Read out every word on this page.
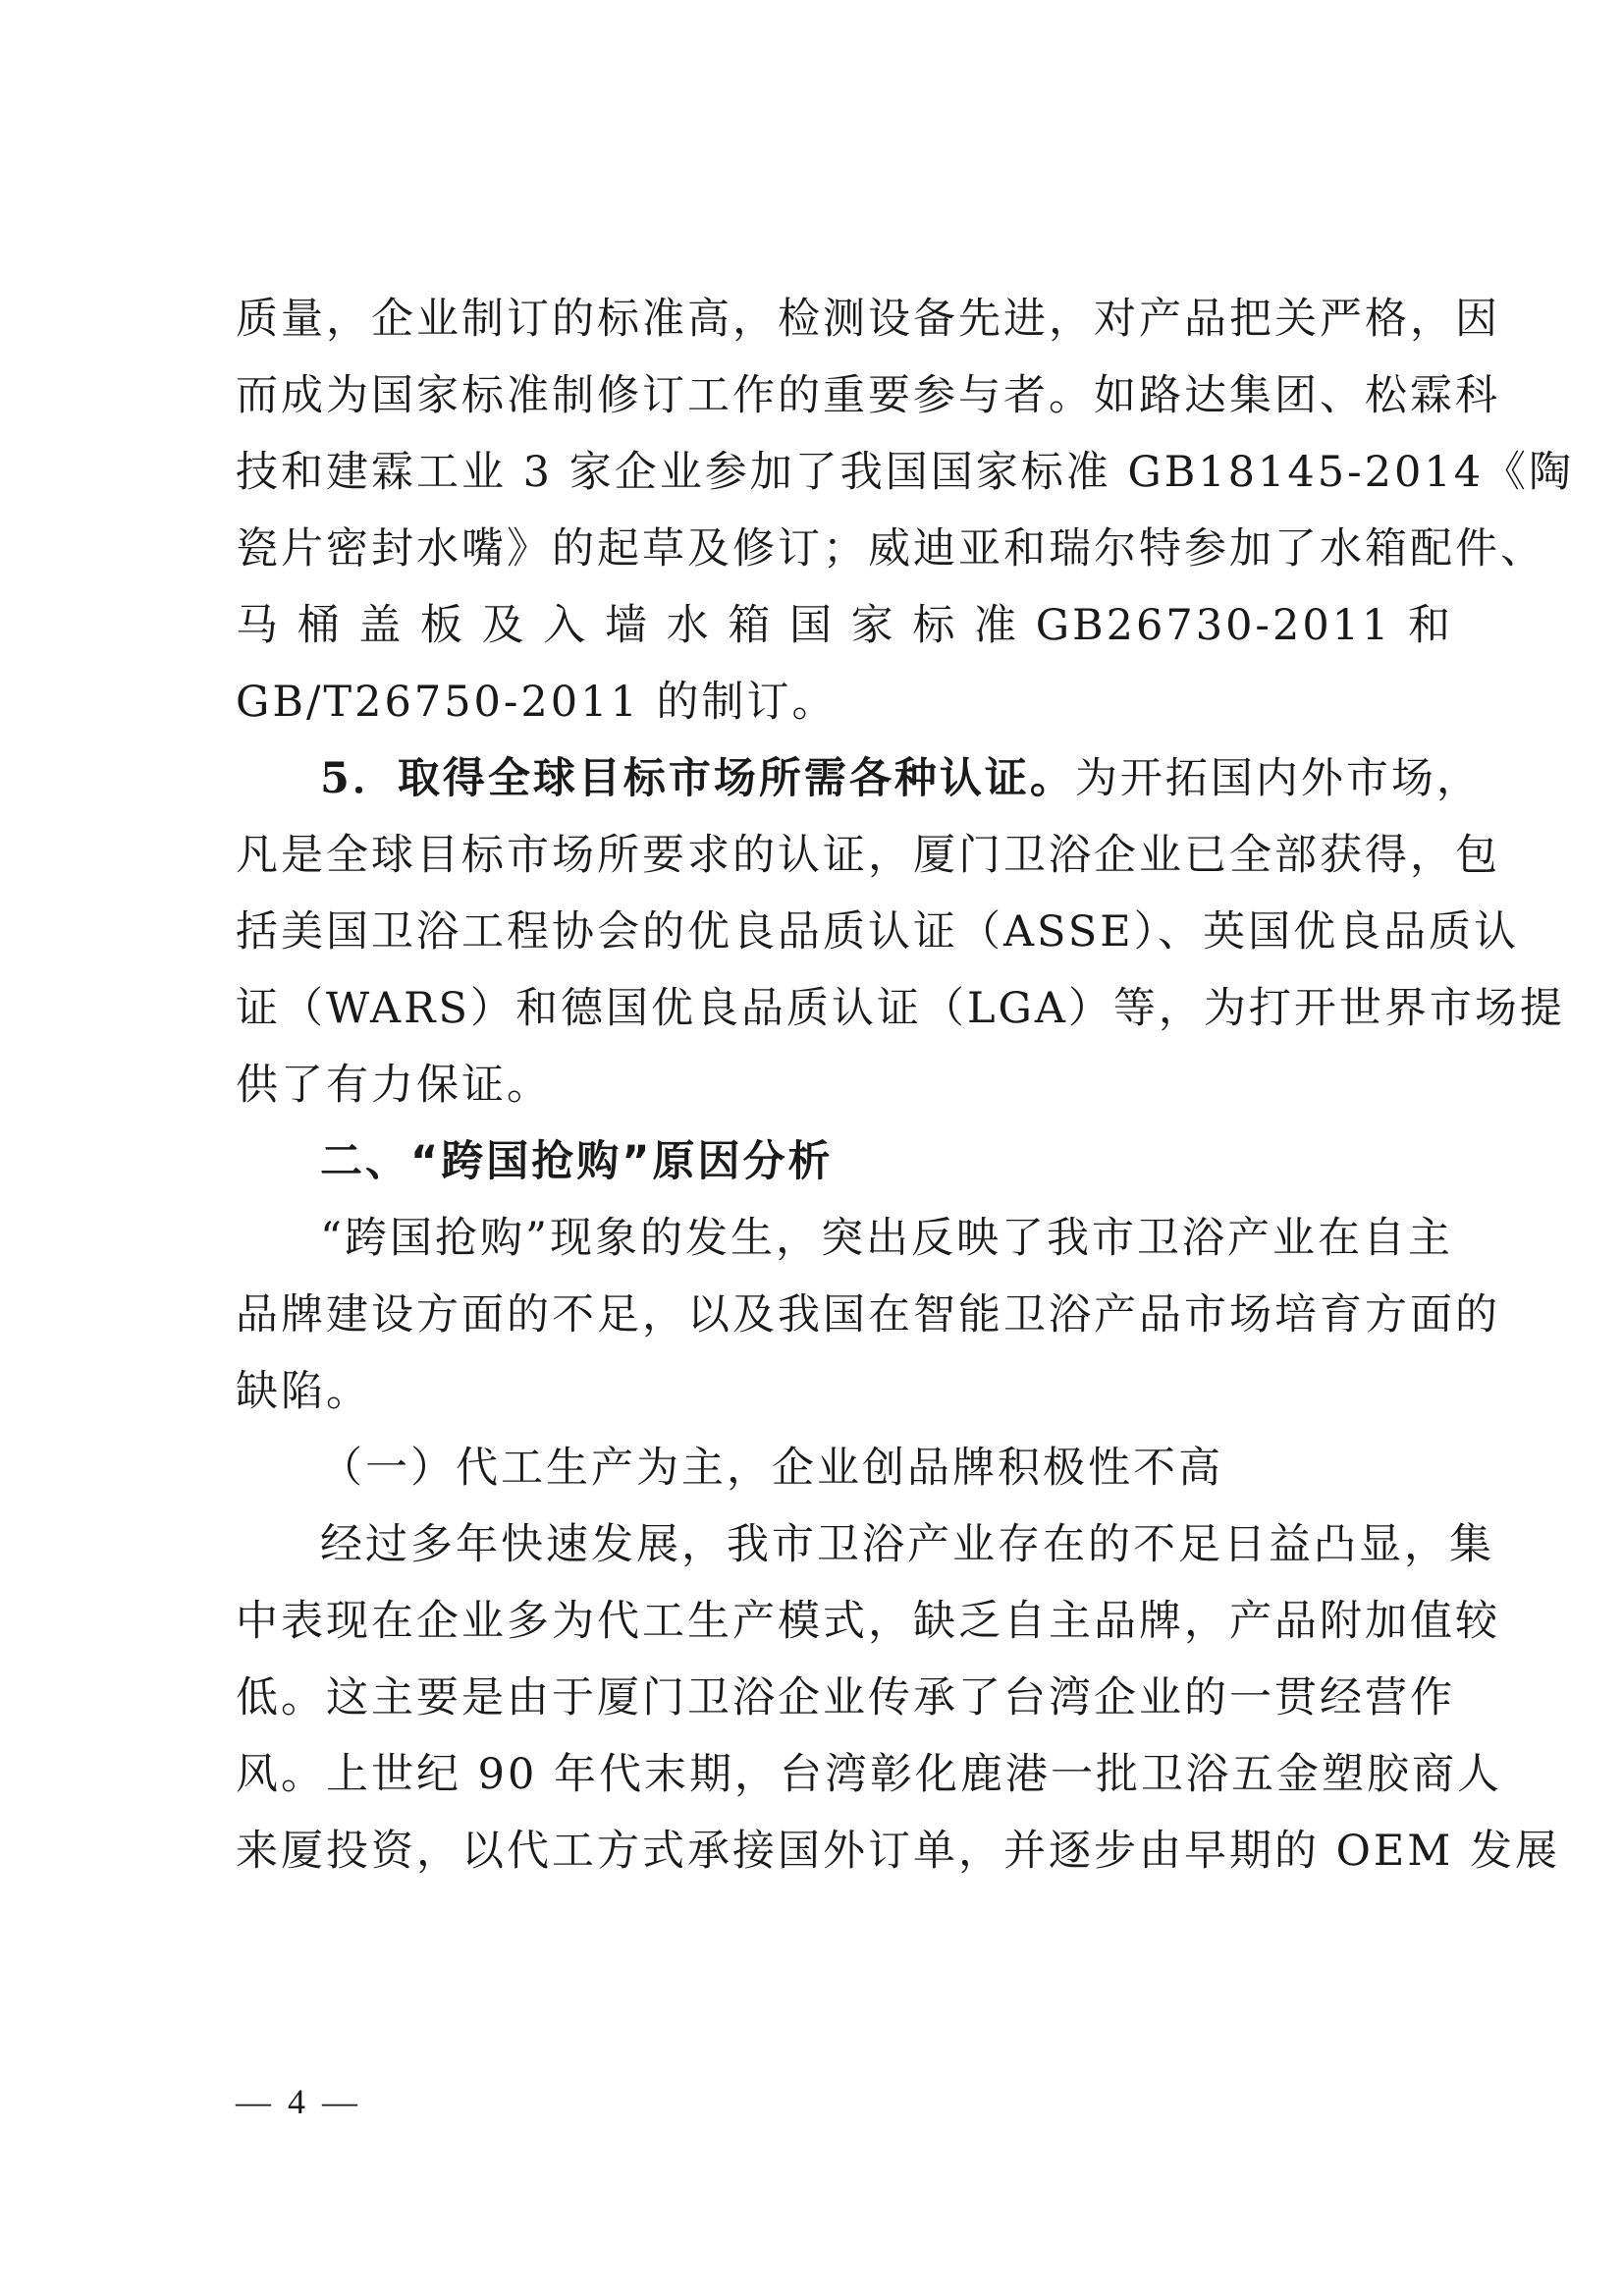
质量，企业制订的标准高，检测设备先进，对产品把关严格，因
而成为国家标准制修订工作的重要参与者。如路达集团、松霖科
技和建霖工业 3 家企业参加了我国国家标准 GB18145-2014《陶
瓷片密封水嘴》的起草及修订；威迪亚和瑞尔特参加了水箱配件、
马 桶 盖 板 及 入 墙 水 箱 国 家 标 准 GB26730-2011 和
GB/T26750-2011 的制订。
5．取得全球目标市场所需各种认证。为开拓国内外市场，
凡是全球目标市场所要求的认证，厦门卫浴企业已全部获得，包
括美国卫浴工程协会的优良品质认证（ASSE）、英国优良品质认
证（WARS）和德国优良品质认证（LGA）等，为打开世界市场提
供了有力保证。
二、“跨国抢购”原因分析
“跨国抢购”现象的发生，突出反映了我市卫浴产业在自主
品牌建设方面的不足，以及我国在智能卫浴产品市场培育方面的
缺陷。
（一）代工生产为主，企业创品牌积极性不高
经过多年快速发展，我市卫浴产业存在的不足日益凸显，集
中表现在企业多为代工生产模式，缺乏自主品牌，产品附加值较
低。这主要是由于厦门卫浴企业传承了台湾企业的一贯经营作
风。上世纪 90 年代末期，台湾彰化鹿港一批卫浴五金塑胶商人
来厦投资，以代工方式承接国外订单，并逐步由早期的 OEM 发展
— 4 —
